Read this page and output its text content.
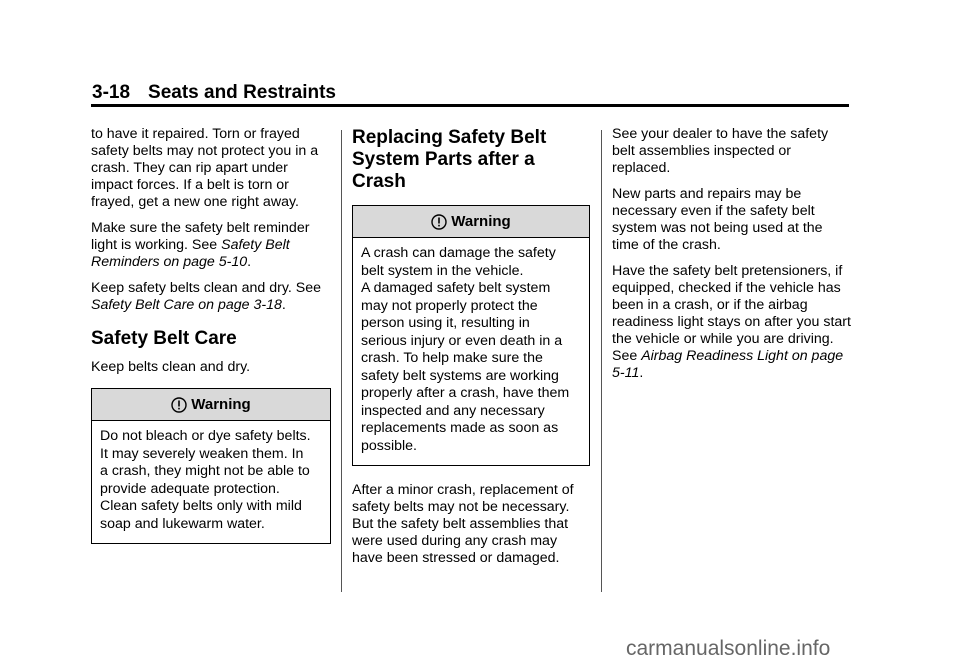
3-18 Seats and Restraints

to have it repaired. Torn or frayed safety belts may not protect you in a crash. They can rip apart under impact forces. If a belt is torn or frayed, get a new one right away.

Make sure the safety belt reminder light is working. See Safety Belt Reminders on page 5-10.

Keep safety belts clean and dry. See Safety Belt Care on page 3-18.

Safety Belt Care

Keep belts clean and dry.

Warning

Do not bleach or dye safety belts.

It may severely weaken them. In

a crash, they might not be able to

provide adequate protection.

Clean safety belts only with mild

soap and lukewarm water.

Replacing Safety Belt System Parts after a Crash
Warning

A crash can damage the safety

belt system in the vehicle.

A damaged safety belt system

may not properly protect the

person using it, resulting in

serious injury or even death in a

crash. To help make sure the

safety belt systems are working

properly after a crash, have them

inspected and any necessary

replacements made as soon as

possible.

After a minor crash, replacement of safety belts may not be necessary. But the safety belt assemblies that were used during any crash may have been stressed or damaged.

See your dealer to have the safety belt assemblies inspected or replaced.

New parts and repairs may be necessary even if the safety belt system was not being used at the time of the crash.

Have the safety belt pretensioners, if equipped, checked if the vehicle has been in a crash, or if the airbag readiness light stays on after you start the vehicle or while you are driving. See Airbag Readiness Light on page 5-11.

carmanualsonline.info
